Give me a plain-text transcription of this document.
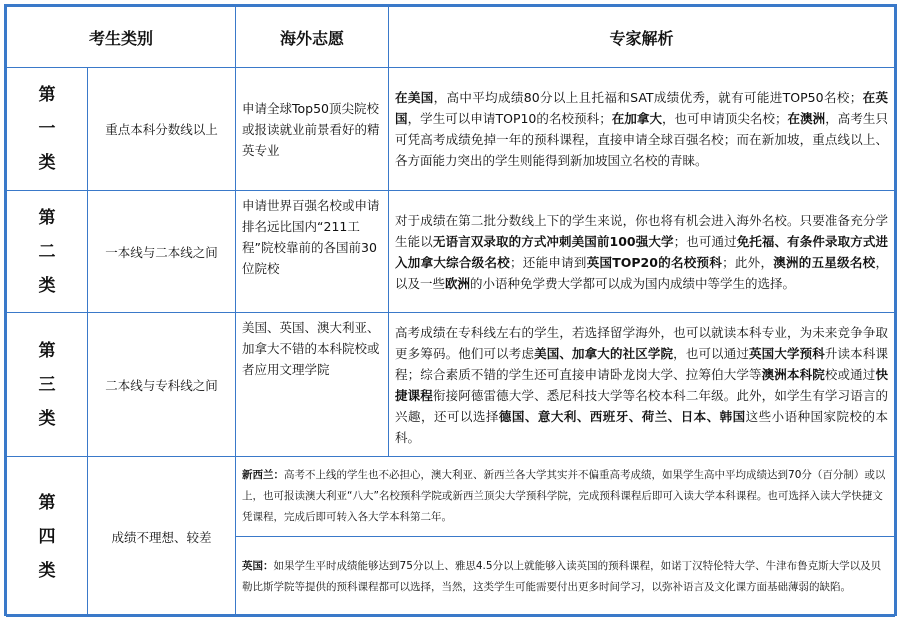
考生类别		海外志愿	专家解析

第
一
类	重点本科分数线以上	申请全球Top50顶尖院校或报读就业前景看好的精英专业	在美国，高中平均成绩80分以上且托福和SAT成绩优秀，就有可能进TOP50名校；在英国，学生可以申请TOP10的名校预科；在加拿大，也可申请顶尖名校；在澳洲，高考生只可凭高考成绩免掉一年的预科课程，直接申请全球百强名校；而在新加坡，重点线以上、各方面能力突出的学生则能得到新加坡国立名校的青睐。

第
二
类	一本线与二本线之间	申请世界百强名校或申请排名远比国内“211工程”院校靠前的各国前30位院校	对于成绩在第二批分数线上下的学生来说，你也将有机会进入海外名校。只要准备充分学生能以无语言双录取的方式冲刺美国前100强大学；也可通过免托福、有条件录取方式进入加拿大综合级名校；还能申请到英国TOP20的名校预科；此外，澳洲的五星级名校，以及一些欧洲的小语种免学费大学都可以成为国内成绩中等学生的选择。

第
三
类	二本线与专科线之间	美国、英国、澳大利亚、加拿大不错的本科院校或者应用文理学院	高考成绩在专科线左右的学生，若选择留学海外，也可以就读本科专业，为未来竞争争取更多筹码。他们可以考虑美国、加拿大的社区学院，也可以通过英国大学预科升读本科课程；综合素质不错的学生还可直接申请卧龙岗大学、拉筹伯大学等澳洲本科院校或通过快捷课程衔接阿德雷德大学、悉尼科技大学等名校本科二年级。此外，如学生有学习语言的兴趣，还可以选择德国、意大利、西班牙、荷兰、日本、韩国这些小语种国家院校的本科。

第
四
类	成绩不理想、较差	新西兰：高考不上线的学生也不必担心，澳大利亚、新西兰各大学其实并不偏重高考成绩，如果学生高中平均成绩达到70分（百分制）或以上，也可报读澳大利亚“八大”名校预科学院或新西兰顶尖大学预科学院，完成预科课程后即可入读大学本科课程。也可选择入读大学快捷文凭课程，完成后即可转入各大学本科第二年。	
		英国：如果学生平时成绩能够达到75分以上、雅思4.5分以上就能够入读英国的预科课程，如诺丁汉特伦特大学、牛津布鲁克斯大学以及贝勒比斯学院等提供的预科课程都可以选择，当然，这类学生可能需要付出更多时间学习，以弥补语言及文化课方面基础薄弱的缺陷。	
